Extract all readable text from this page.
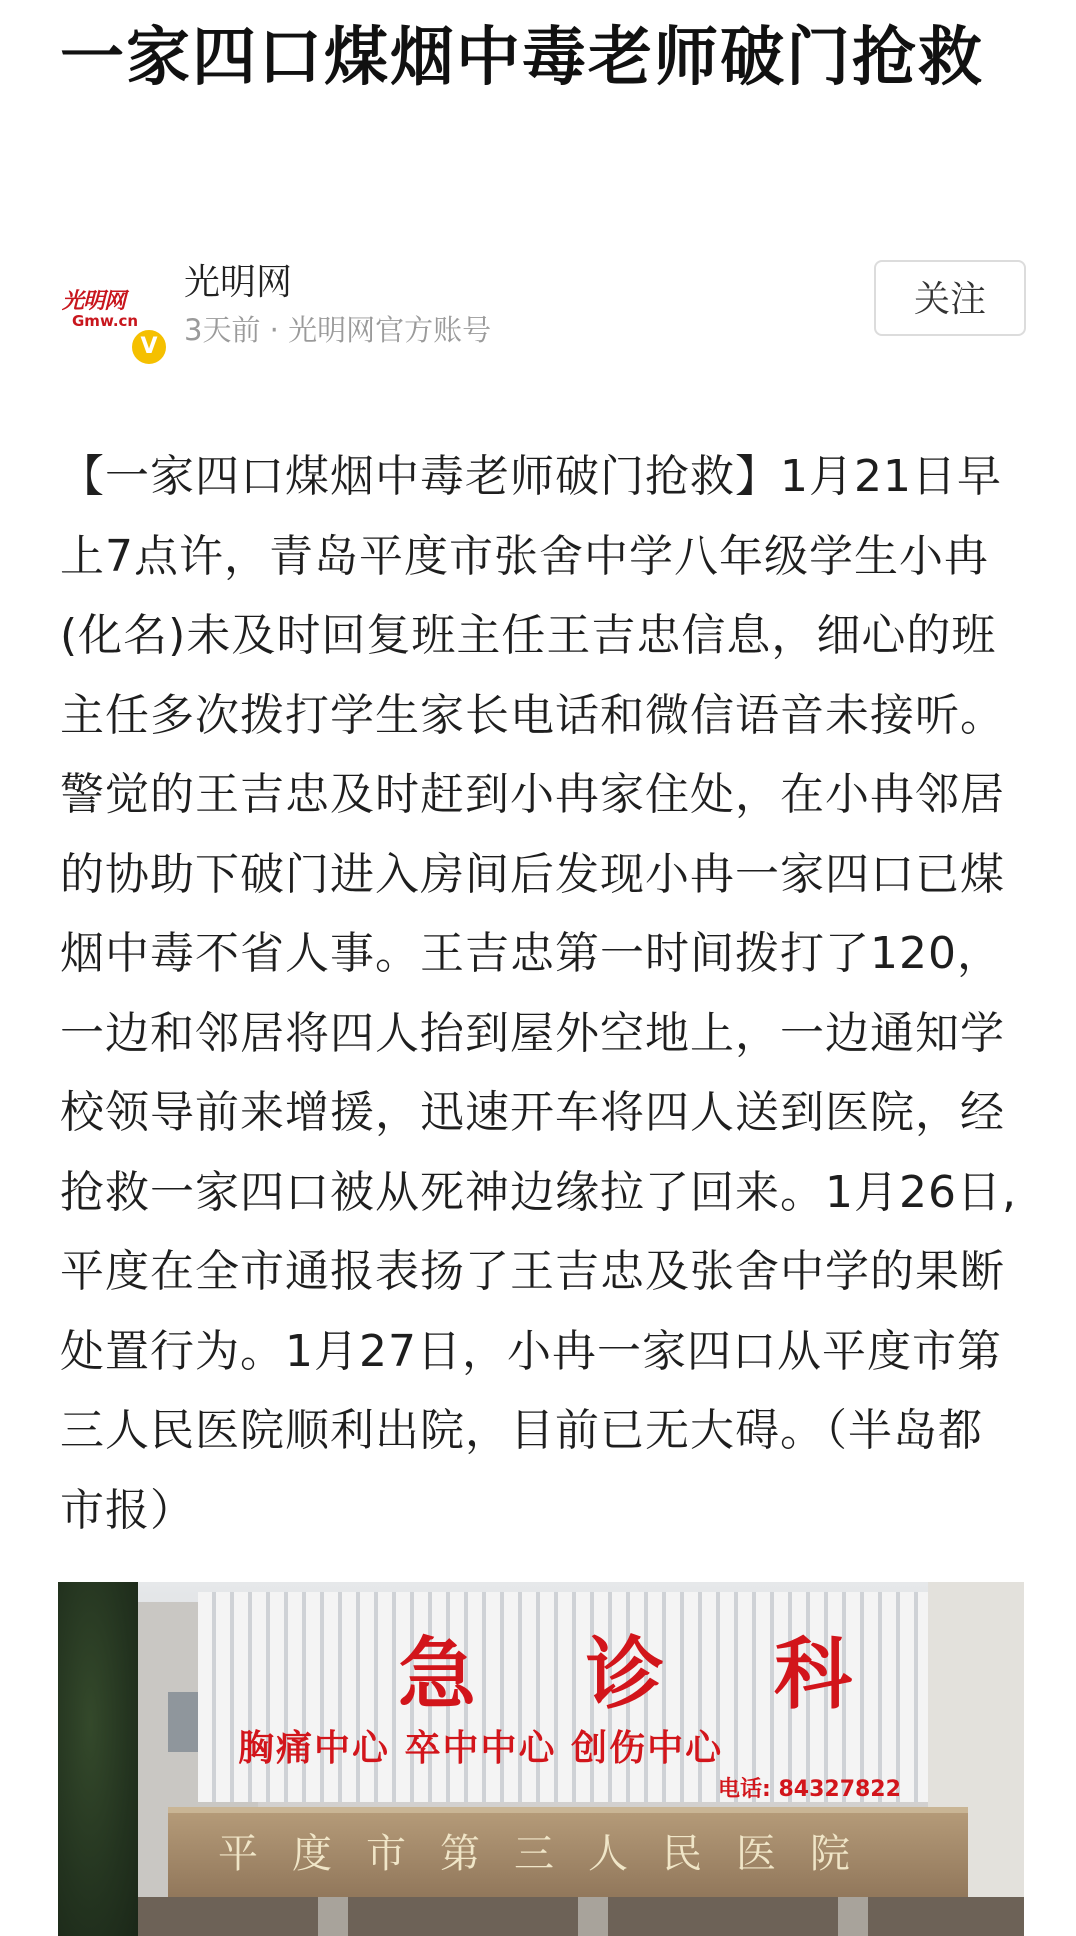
一家四口煤烟中毒老师破门抢救
光明网
Gmw.cn
V
光明网
3天前 · 光明网官方账号
关注

【一家四口煤烟中毒老师破门抢救】1月21日早上7点许，青岛平度市张舍中学八年级学生小冉(化名)未及时回复班主任王吉忠信息，细心的班主任多次拨打学生家长电话和微信语音未接听。警觉的王吉忠及时赶到小冉家住处，在小冉邻居的协助下破门进入房间后发现小冉一家四口已煤烟中毒不省人事。王吉忠第一时间拨打了120，一边和邻居将四人抬到屋外空地上，一边通知学校领导前来增援，迅速开车将四人送到医院，经抢救一家四口被从死神边缘拉了回来。1月26日,平度在全市通报表扬了王吉忠及张舍中学的果断处置行为。1月27日，小冉一家四口从平度市第三人民医院顺利出院，目前已无大碍。（半岛都市报）

急诊科
胸痛中心 卒中中心 创伤中心
电话: 84327822
平度市第三人民医院
